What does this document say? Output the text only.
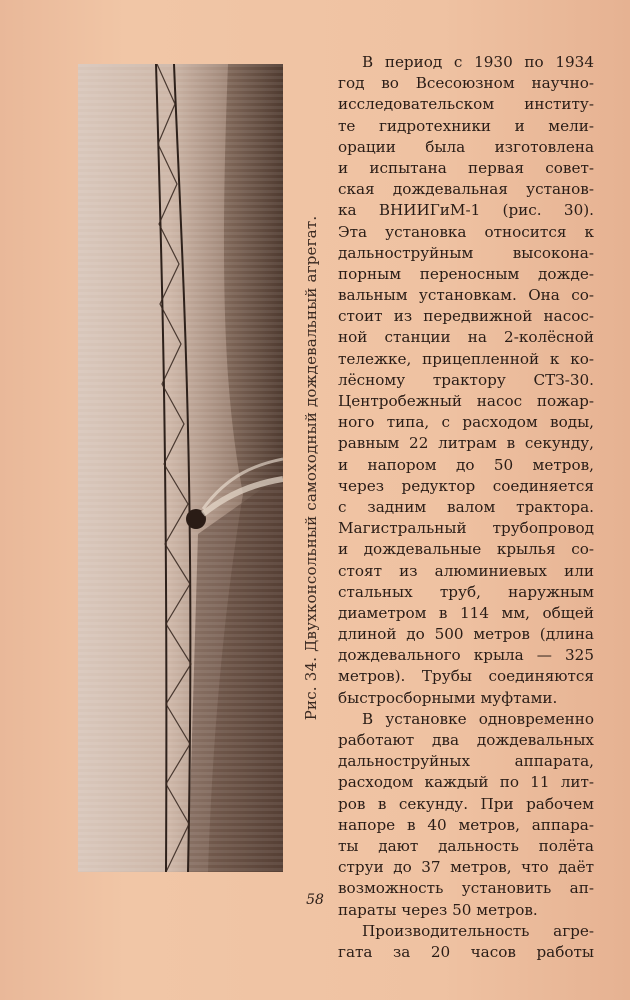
Рис. 34. Двухконсольный самоходный дождевальный агрегат.
В период с 1930 по 1934
год во Всесоюзном научно-
исследовательском институ-
те гидротехники и мели-
орации была изготовлена
и испытана первая совет-
ская дождевальная установ-
ка ВНИИГиМ-1 (рис. 30).
Эта установка относится к
дальноструйным высокона-
порным переносным дожде-
вальным установкам. Она со-
стоит из передвижной насос-
ной станции на 2-колёсной
тележке, прицепленной к ко-
лёсному трактору СТЗ-30.
Центробежный насос пожар-
ного типа, с расходом воды,
равным 22 литрам в секунду,
и напором до 50 метров,
через редуктор соединяется
с задним валом трактора.
Магистральный трубопровод
и дождевальные крылья со-
стоят из алюминиевых или
стальных труб, наружным
диаметром в 114 мм, общей
длиной до 500 метров (длина
дождевального крыла — 325
метров). Трубы соединяются
быстросборными муфтами.
В установке одновременно
работают два дождевальных
дальноструйных аппарата,
расходом каждый по 11 лит-
ров в секунду. При рабочем
напоре в 40 метров, аппара-
ты дают дальность полёта
струи до 37 метров, что даёт
возможность установить ап-
параты через 50 метров.
Производительность агре-
гата за 20 часов работы
58
